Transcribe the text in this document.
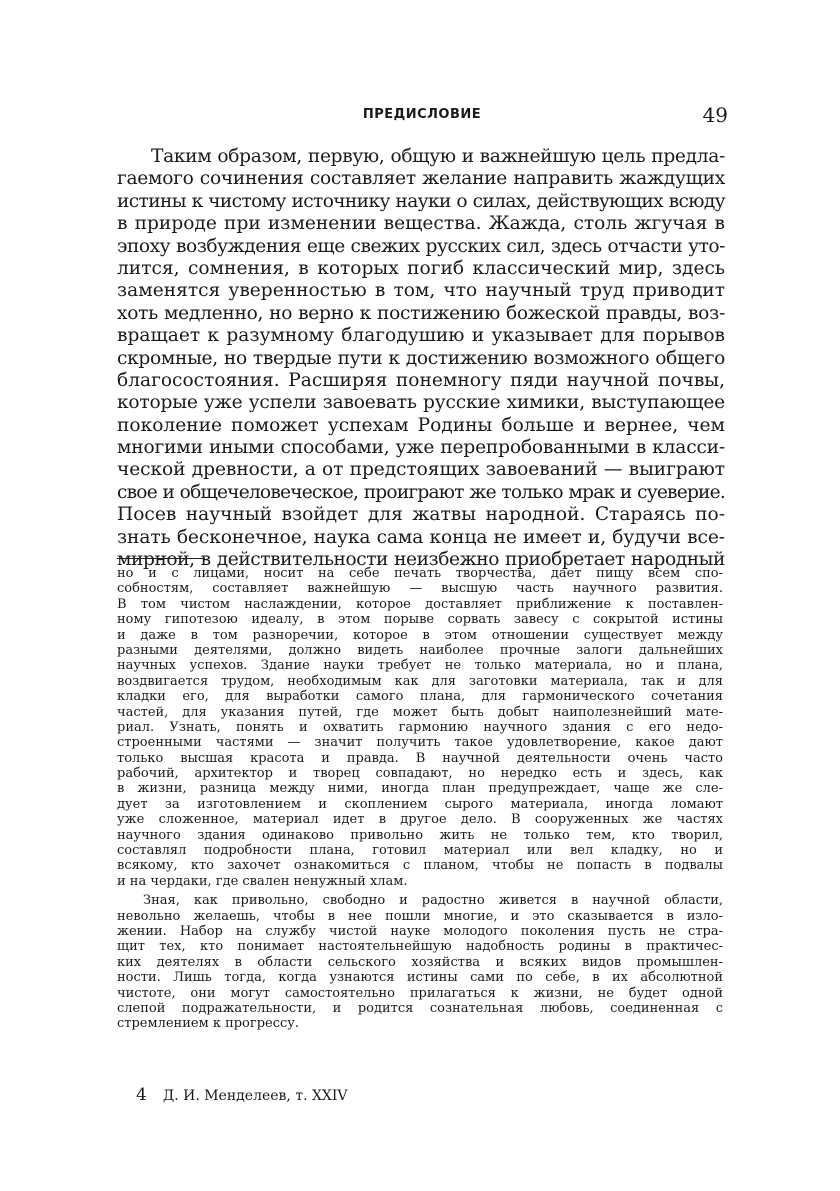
ПРЕДИСЛОВИЕ	49
Таким образом, первую, общую и важнейшую цель предла-
гаемого сочинения составляет желание направить жаждущих
истины к чистому источнику науки о силах, действующих всюду
в природе при изменении вещества. Жажда, столь жгучая в
эпоху возбуждения еще свежих русских сил, здесь отчасти уто-
лится, сомнения, в которых погиб классический мир, здесь
заменятся уверенностью в том, что научный труд приводит
хоть медленно, но верно к постижению божеской правды, воз-
вращает к разумному благодушию и указывает для порывов
скромные, но твердые пути к достижению возможного общего
благосостояния. Расширяя понемногу пяди научной почвы,
которые уже успели завоевать русские химики, выступающее
поколение поможет успехам Родины больше и вернее, чем
многими иными способами, уже перепробованными в класси-
ческой древности, а от предстоящих завоеваний — выиграют
свое и общечеловеческое, проиграют же только мрак и суеверие.
Посев научный взойдет для жатвы народной. Стараясь по-
знать бесконечное, наука сама конца не имеет и, будучи все-
мирной, в действительности неизбежно приобретает народный
но и с лицами, носит на себе печать творчества, дает пищу всем спо-
собностям, составляет важнейшую — высшую часть научного развития.
В том чистом наслаждении, которое доставляет приближение к поставлен-
ному гипотезою идеалу, в этом порыве сорвать завесу с сокрытой истины
и даже в том разноречии, которое в этом отношении существует между
разными деятелями, должно видеть наиболее прочные залоги дальнейших
научных успехов. Здание науки требует не только материала, но и плана,
воздвигается трудом, необходимым как для заготовки материала, так и для
кладки его, для выработки самого плана, для гармонического сочетания
частей, для указания путей, где может быть добыт наиполезнейший мате-
риал. Узнать, понять и охватить гармонию научного здания с его недо-
строенными частями — значит получить такое удовлетворение, какое дают
только высшая красота и правда. В научной деятельности очень часто
рабочий, архитектор и творец совпадают, но нередко есть и здесь, как
в жизни, разница между ними, иногда план предупреждает, чаще же сле-
дует за изготовлением и скоплением сырого материала, иногда ломают
уже сложенное, материал идет в другое дело. В сооруженных же частях
научного здания одинаково привольно жить не только тем, кто творил,
составлял подробности плана, готовил материал или вел кладку, но и
всякому, кто захочет ознакомиться с планом, чтобы не попасть в подвалы
и на чердаки, где свален ненужный хлам.
Зная, как привольно, свободно и радостно живется в научной области,
невольно желаешь, чтобы в нее пошли многие, и это сказывается в изло-
жении. Набор на службу чистой науке молодого поколения пусть не стра-
щит тех, кто понимает настоятельнейшую надобность родины в практичес-
ких деятелях в области сельского хозяйства и всяких видов промышлен-
ности. Лишь тогда, когда узнаются истины сами по себе, в их абсолютной
чистоте, они могут самостоятельно прилагаться к жизни, не будет одной
слепой подражательности, и родится сознательная любовь, соединенная с
стремлением к прогрессу.
4 Д. И. Менделеев, т. XXIV
